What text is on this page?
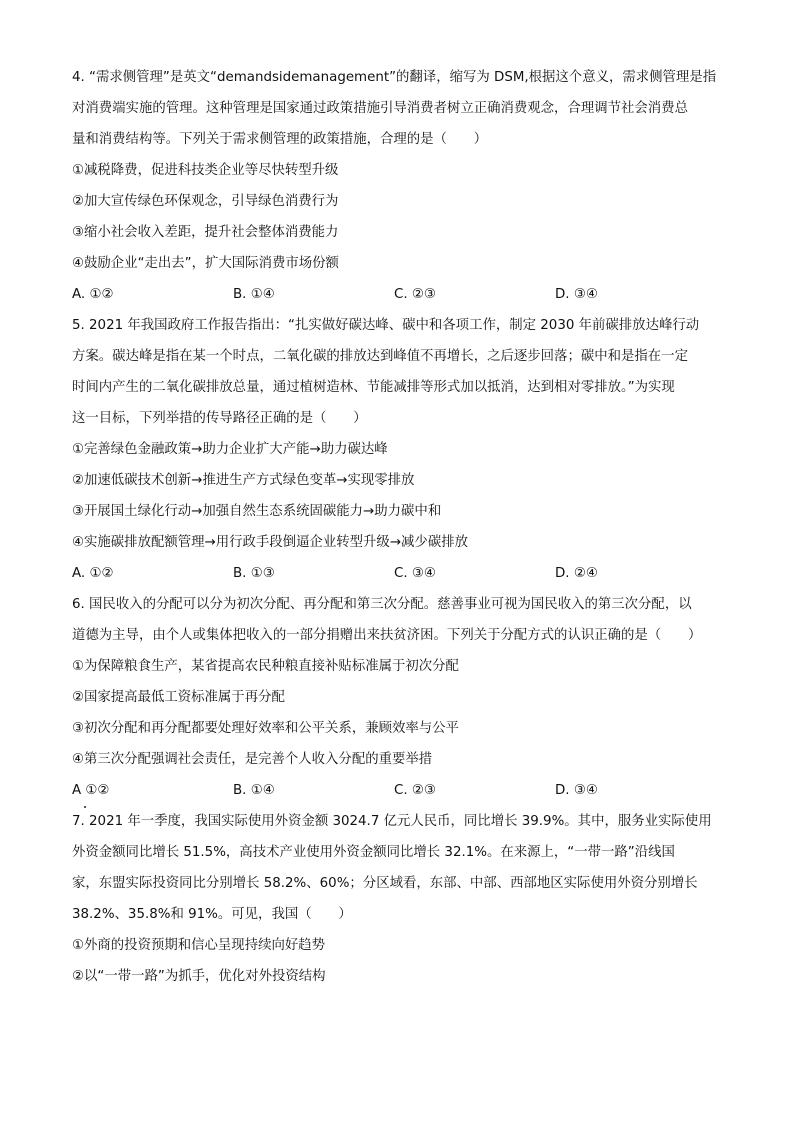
4. “需求侧管理”是英文“demandsidemanagement”的翻译，缩写为 DSM,根据这个意义，需求侧管理是指
对消费端实施的管理。这种管理是国家通过政策措施引导消费者树立正确消费观念，合理调节社会消费总
量和消费结构等。下列关于需求侧管理的政策措施，合理的是（　　）
①减税降费，促进科技类企业等尽快转型升级
②加大宣传绿色环保观念，引导绿色消费行为
③缩小社会收入差距，提升社会整体消费能力
④鼓励企业“走出去”，扩大国际消费市场份额
A. ①②	B. ①④	C. ②③	D. ③④
5. 2021 年我国政府工作报告指出：“扎实做好碳达峰、碳中和各项工作，制定 2030 年前碳排放达峰行动
方案。碳达峰是指在某一个时点，二氧化碳的排放达到峰值不再增长，之后逐步回落；碳中和是指在一定
时间内产生的二氧化碳排放总量，通过植树造林、节能减排等形式加以抵消，达到相对零排放。”为实现
这一目标，下列举措的传导路径正确的是（　　）
①完善绿色金融政策→助力企业扩大产能→助力碳达峰
②加速低碳技术创新→推进生产方式绿色变革→实现零排放
③开展国土绿化行动→加强自然生态系统固碳能力→助力碳中和
④实施碳排放配额管理→用行政手段倒逼企业转型升级→减少碳排放
A. ①②	B. ①③	C. ③④	D. ②④
6. 国民收入的分配可以分为初次分配、再分配和第三次分配。慈善事业可视为国民收入的第三次分配，以
道德为主导，由个人或集体把收入的一部分捐赠出来扶贫济困。下列关于分配方式的认识正确的是（　　）
①为保障粮食生产，某省提高农民种粮直接补贴标准属于初次分配
②国家提高最低工资标准属于再分配
③初次分配和再分配都要处理好效率和公平关系，兼顾效率与公平
④第三次分配强调社会责任，是完善个人收入分配的重要举措
A ①②	B. ①④	C. ②③	D. ③④
7. 2021 年一季度，我国实际使用外资金额 3024.7 亿元人民币，同比增长 39.9%。其中，服务业实际使用
外资金额同比增长 51.5%，高技术产业使用外资金额同比增长 32.1%。在来源上，“一带一路”沿线国
家，东盟实际投资同比分别增长 58.2%、60%；分区域看，东部、中部、西部地区实际使用外资分别增长
38.2%、35.8%和 91%。可见，我国（　　）
①外商的投资预期和信心呈现持续向好趋势
②以“一带一路”为抓手，优化对外投资结构
